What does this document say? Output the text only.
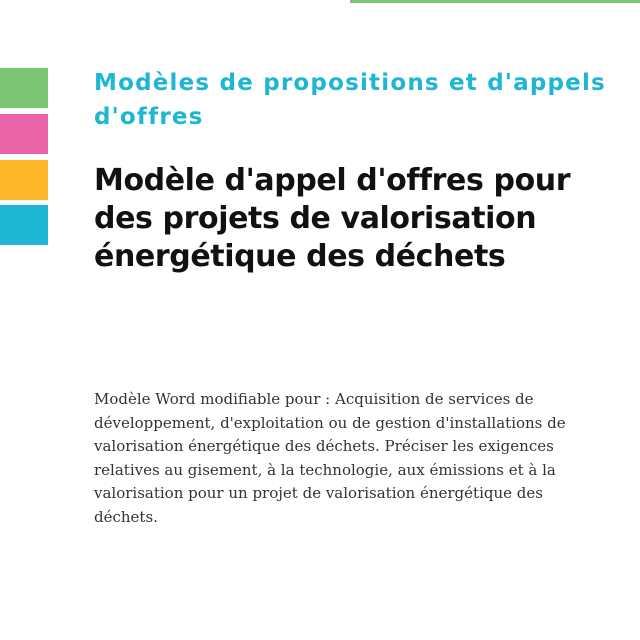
Modèles de propositions et d'appels d'offres

Modèle d'appel d'offres pour des projets de valorisation énergétique des déchets

Modèle Word modifiable pour : Acquisition de services de développement, d'exploitation ou de gestion d'installations de valorisation énergétique des déchets. Préciser les exigences relatives au gisement, à la technologie, aux émissions et à la valorisation pour un projet de valorisation énergétique des déchets.
